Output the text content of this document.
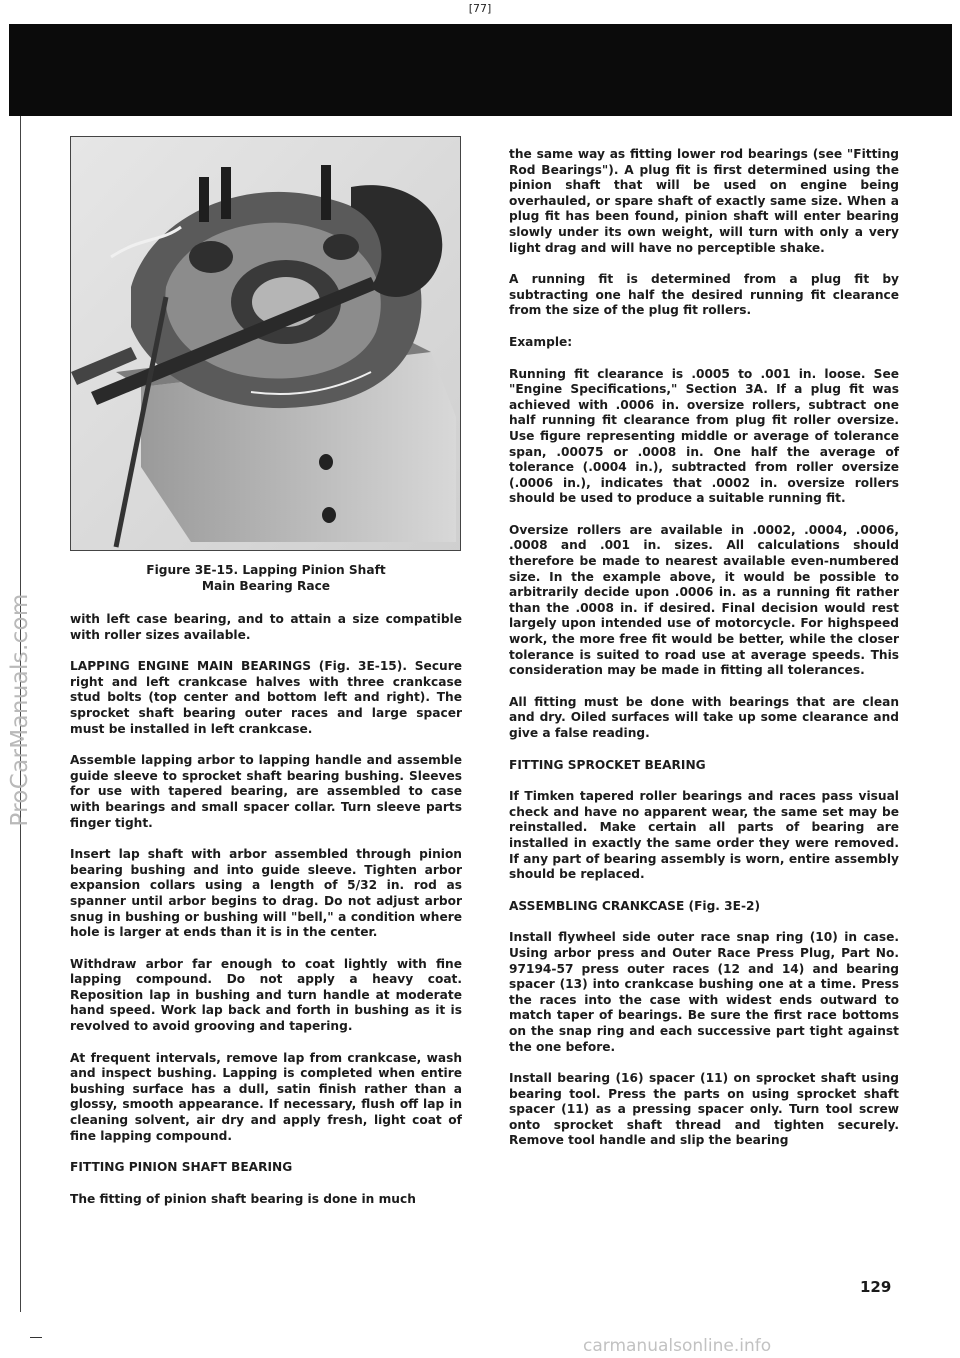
[77]
ProCarManuals.com
Figure 3E-15. Lapping Pinion Shaft
Main Bearing Race

with left case bearing, and to attain a size compatible with roller sizes available.

LAPPING ENGINE MAIN BEARINGS (Fig. 3E-15). Secure right and left crankcase halves with three crankcase stud bolts (top center and bottom left and right). The sprocket shaft bearing outer races and large spacer must be installed in left crankcase.

Assemble lapping arbor to lapping handle and assemble guide sleeve to sprocket shaft bearing bushing. Sleeves for use with tapered bearing, are assembled to case with bearings and small spacer collar. Turn sleeve parts finger tight.

Insert lap shaft with arbor assembled through pinion bearing bushing and into guide sleeve. Tighten arbor expansion collars using a length of 5/32 in. rod as spanner until arbor begins to drag. Do not adjust arbor snug in bushing or bushing will "bell," a condition where hole is larger at ends than it is in the center.

Withdraw arbor far enough to coat lightly with fine lapping compound. Do not apply a heavy coat. Reposition lap in bushing and turn handle at moderate hand speed. Work lap back and forth in bushing as it is revolved to avoid grooving and tapering.

At frequent intervals, remove lap from crankcase, wash and inspect bushing. Lapping is completed when entire bushing surface has a dull, satin finish rather than a glossy, smooth appearance. If necessary, flush off lap in cleaning solvent, air dry and apply fresh, light coat of fine lapping compound.

FITTING PINION SHAFT BEARING

The fitting of pinion shaft bearing is done in much

the same way as fitting lower rod bearings (see "Fitting Rod Bearings"). A plug fit is first determined using the pinion shaft that will be used on engine being overhauled, or spare shaft of exactly same size. When a plug fit has been found, pinion shaft will enter bearing slowly under its own weight, will turn with only a very light drag and will have no perceptible shake.

A running fit is determined from a plug fit by subtracting one half the desired running fit clearance from the size of the plug fit rollers.

Example:

Running fit clearance is .0005 to .001 in. loose. See "Engine Specifications," Section 3A. If a plug fit was achieved with .0006 in. oversize rollers, subtract one half running fit clearance from plug fit roller oversize. Use figure representing middle or average of tolerance span, .00075 or .0008 in. One half the average of tolerance (.0004 in.), subtracted from roller oversize (.0006 in.), indicates that .0002 in. oversize rollers should be used to produce a suitable running fit.

Oversize rollers are available in .0002, .0004, .0006, .0008 and .001 in. sizes. All calculations should therefore be made to nearest available even-numbered size. In the example above, it would be possible to arbitrarily decide upon .0006 in. as a running fit rather than the .0008 in. if desired. Final decision would rest largely upon intended use of motorcycle. For highspeed work, the more free fit would be better, while the closer tolerance is suited to road use at average speeds. This consideration may be made in fitting all tolerances.

All fitting must be done with bearings that are clean and dry. Oiled surfaces will take up some clearance and give a false reading.

FITTING SPROCKET BEARING

If Timken tapered roller bearings and races pass visual check and have no apparent wear, the same set may be reinstalled. Make certain all parts of bearing are installed in exactly the same order they were removed. If any part of bearing assembly is worn, entire assembly should be replaced.

ASSEMBLING CRANKCASE (Fig. 3E-2)

Install flywheel side outer race snap ring (10) in case. Using arbor press and Outer Race Press Plug, Part No. 97194-57 press outer races (12 and 14) and bearing spacer (13) into crankcase bushing one at a time. Press the races into the case with widest ends outward to match taper of bearings. Be sure the first race bottoms on the snap ring and each successive part tight against the one before.

Install bearing (16) spacer (11) on sprocket shaft using bearing tool. Press the parts on using sprocket shaft spacer (11) as a pressing spacer only. Turn tool screw onto sprocket shaft thread and tighten securely. Remove tool handle and slip the bearing

129
carmanualsonline.info
